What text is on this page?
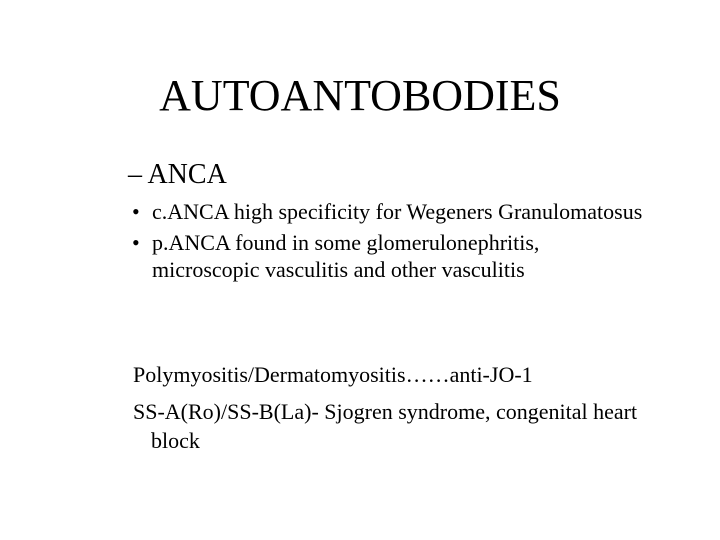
AUTOANTOBODIES
– ANCA
• c.ANCA high specificity for Wegeners Granulomatosus
• p.ANCA found in some glomerulonephritis, microscopic vasculitis and other vasculitis
Polymyositis/Dermatomyositis……anti-JO-1
SS-A(Ro)/SS-B(La)- Sjogren syndrome, congenital heart block
